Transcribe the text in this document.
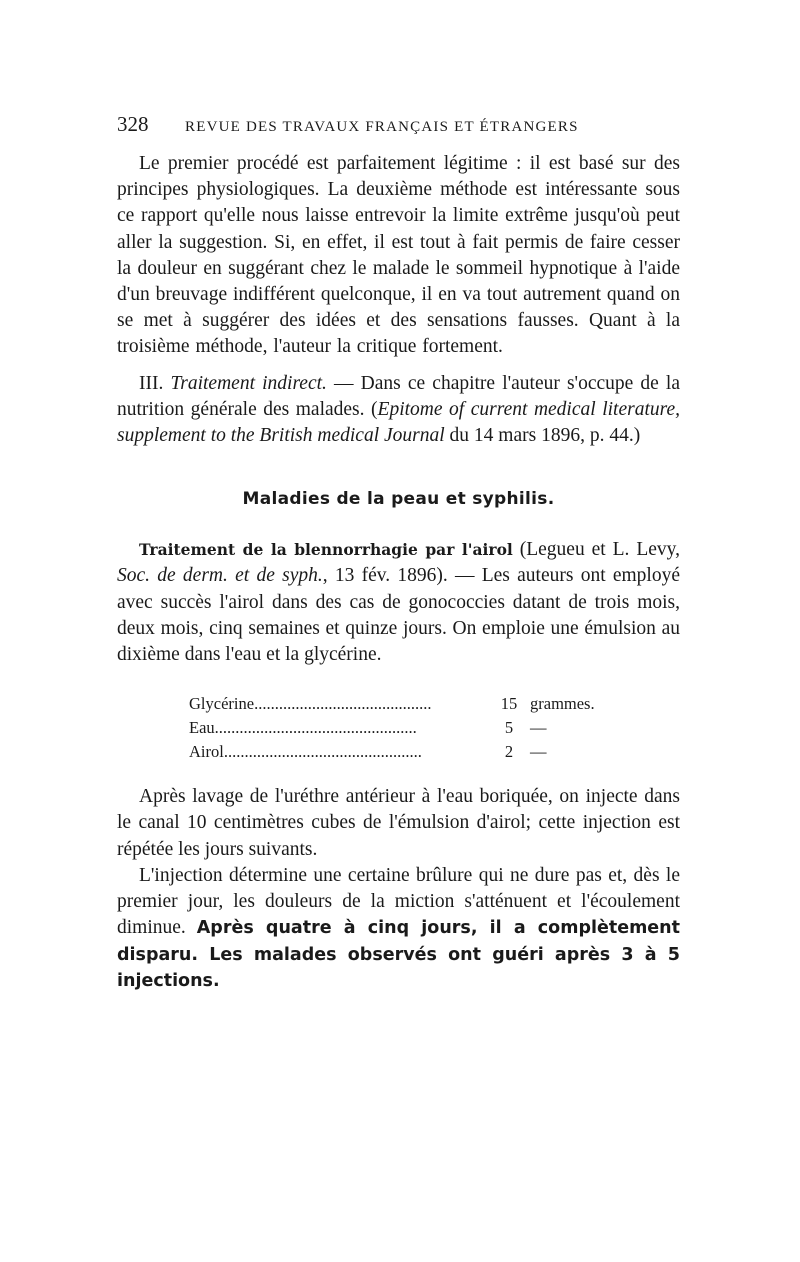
328	REVUE DES TRAVAUX FRANÇAIS ET ÉTRANGERS

Le premier procédé est parfaitement légitime : il est basé sur des principes physiologiques. La deuxième méthode est intéressante sous ce rapport qu'elle nous laisse entrevoir la limite extrême jusqu'où peut aller la suggestion. Si, en effet, il est tout à fait permis de faire cesser la douleur en suggérant chez le malade le sommeil hypnotique à l'aide d'un breuvage indifférent quelconque, il en va tout autrement quand on se met à suggérer des idées et des sensations fausses. Quant à la troisième méthode, l'auteur la critique fortement.

III. Traitement indirect. — Dans ce chapitre l'auteur s'occupe de la nutrition générale des malades. (Epitome of current medical literature, supplement to the British medical Journal du 14 mars 1896, p. 44.)

Maladies de la peau et syphilis.

Traitement de la blennorrhagie par l'airol (Legueu et L. Levy, Soc. de derm. et de syph., 13 fév. 1896). — Les auteurs ont employé avec succès l'airol dans des cas de gonococcies datant de trois mois, deux mois, cinq semaines et quinze jours. On emploie une émulsion au dixième dans l'eau et la glycérine.

Glycérine...........................................	15 grammes.
Eau.................................................	5	—
Airol................................................	2	—

Après lavage de l'uréthre antérieur à l'eau boriquée, on injecte dans le canal 10 centimètres cubes de l'émulsion d'airol; cette injection est répétée les jours suivants.

L'injection détermine une certaine brûlure qui ne dure pas et, dès le premier jour, les douleurs de la miction s'atténuent et l'écoulement diminue. Après quatre à cinq jours, il a complètement disparu. Les malades observés ont guéri après 3 à 5 injections.
